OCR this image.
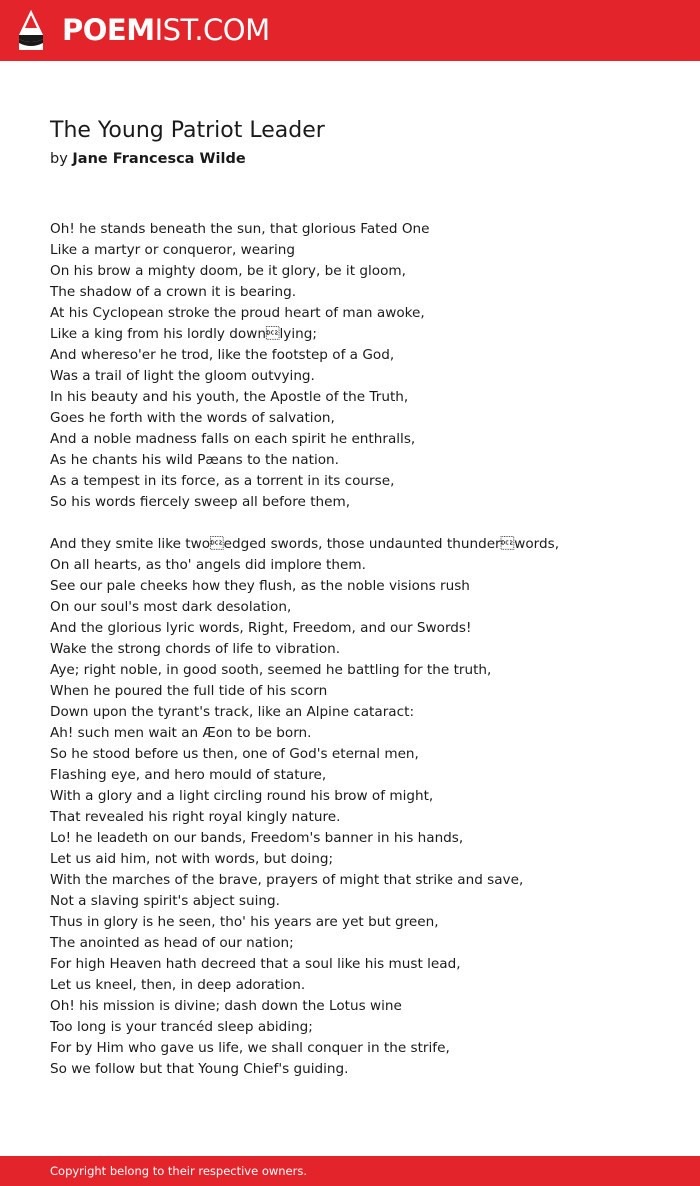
POEMIST.COM
The Young Patriot Leader
by Jane Francesca Wilde
Oh! he stands beneath the sun, that glorious Fated One
Like a martyr or conqueror, wearing
On his brow a mighty doom, be it glory, be it gloom,
The shadow of a crown it is bearing.
At his Cyclopean stroke the proud heart of man awoke,
Like a king from his lordly downlying;
And whereso'er he trod, like the footstep of a God,
Was a trail of light the gloom outvying.
In his beauty and his youth, the Apostle of the Truth,
Goes he forth with the words of salvation,
And a noble madness falls on each spirit he enthralls,
As he chants his wild Pæans to the nation.
As a tempest in its force, as a torrent in its course,
So his words fiercely sweep all before them,
And they smite like twoedged swords, those undaunted thunderwords,
On all hearts, as tho' angels did implore them.
See our pale cheeks how they flush, as the noble visions rush
On our soul's most dark desolation,
And the glorious lyric words, Right, Freedom, and our Swords!
Wake the strong chords of life to vibration.
Aye; right noble, in good sooth, seemed he battling for the truth,
When he poured the full tide of his scorn
Down upon the tyrant's track, like an Alpine cataract:
Ah! such men wait an Æon to be born.
So he stood before us then, one of God's eternal men,
Flashing eye, and hero mould of stature,
With a glory and a light circling round his brow of might,
That revealed his right royal kingly nature.
Lo! he leadeth on our bands, Freedom's banner in his hands,
Let us aid him, not with words, but doing;
With the marches of the brave, prayers of might that strike and save,
Not a slaving spirit's abject suing.
Thus in glory is he seen, tho' his years are yet but green,
The anointed as head of our nation;
For high Heaven hath decreed that a soul like his must lead,
Let us kneel, then, in deep adoration.
Oh! his mission is divine; dash down the Lotus wine
Too long is your trancéd sleep abiding;
For by Him who gave us life, we shall conquer in the strife,
So we follow but that Young Chief's guiding.
Copyright belong to their respective owners.
